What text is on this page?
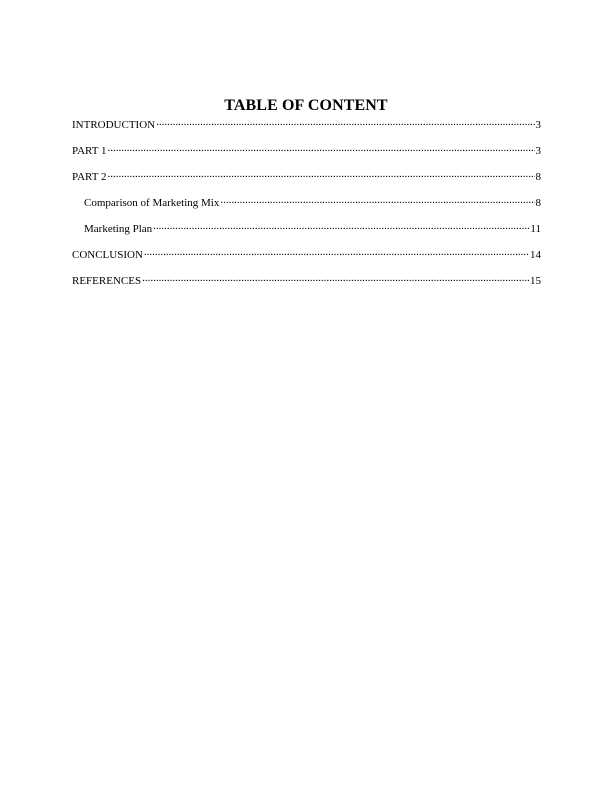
TABLE OF CONTENT
INTRODUCTION .....	3
PART 1 .....	3
PART 2 .....	8
Comparison of Marketing Mix .....	8
Marketing Plan .....	11
CONCLUSION .....	14
REFERENCES .....	15
